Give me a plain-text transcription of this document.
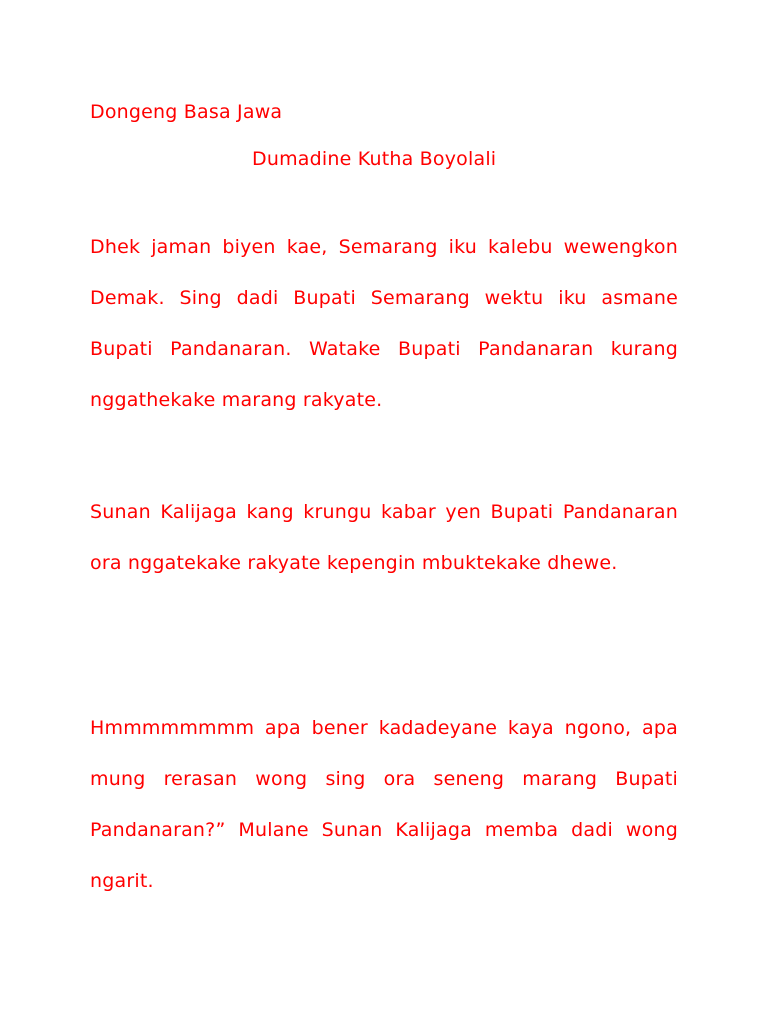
Dongeng Basa Jawa

Dumadine Kutha Boyolali

Dhek jaman biyen kae, Semarang iku kalebu wewengkon Demak. Sing dadi Bupati Semarang wektu iku asmane Bupati Pandanaran. Watake Bupati Pandanaran kurang nggathekake marang rakyate.

Sunan Kalijaga kang krungu kabar yen Bupati Pandanaran ora nggatekake rakyate kepengin mbuktekake dhewe.

Hmmmmmmmm apa bener kadadeyane kaya ngono, apa mung rerasan wong sing ora seneng marang Bupati Pandanaran?” Mulane Sunan Kalijaga memba dadi wong ngarit.
